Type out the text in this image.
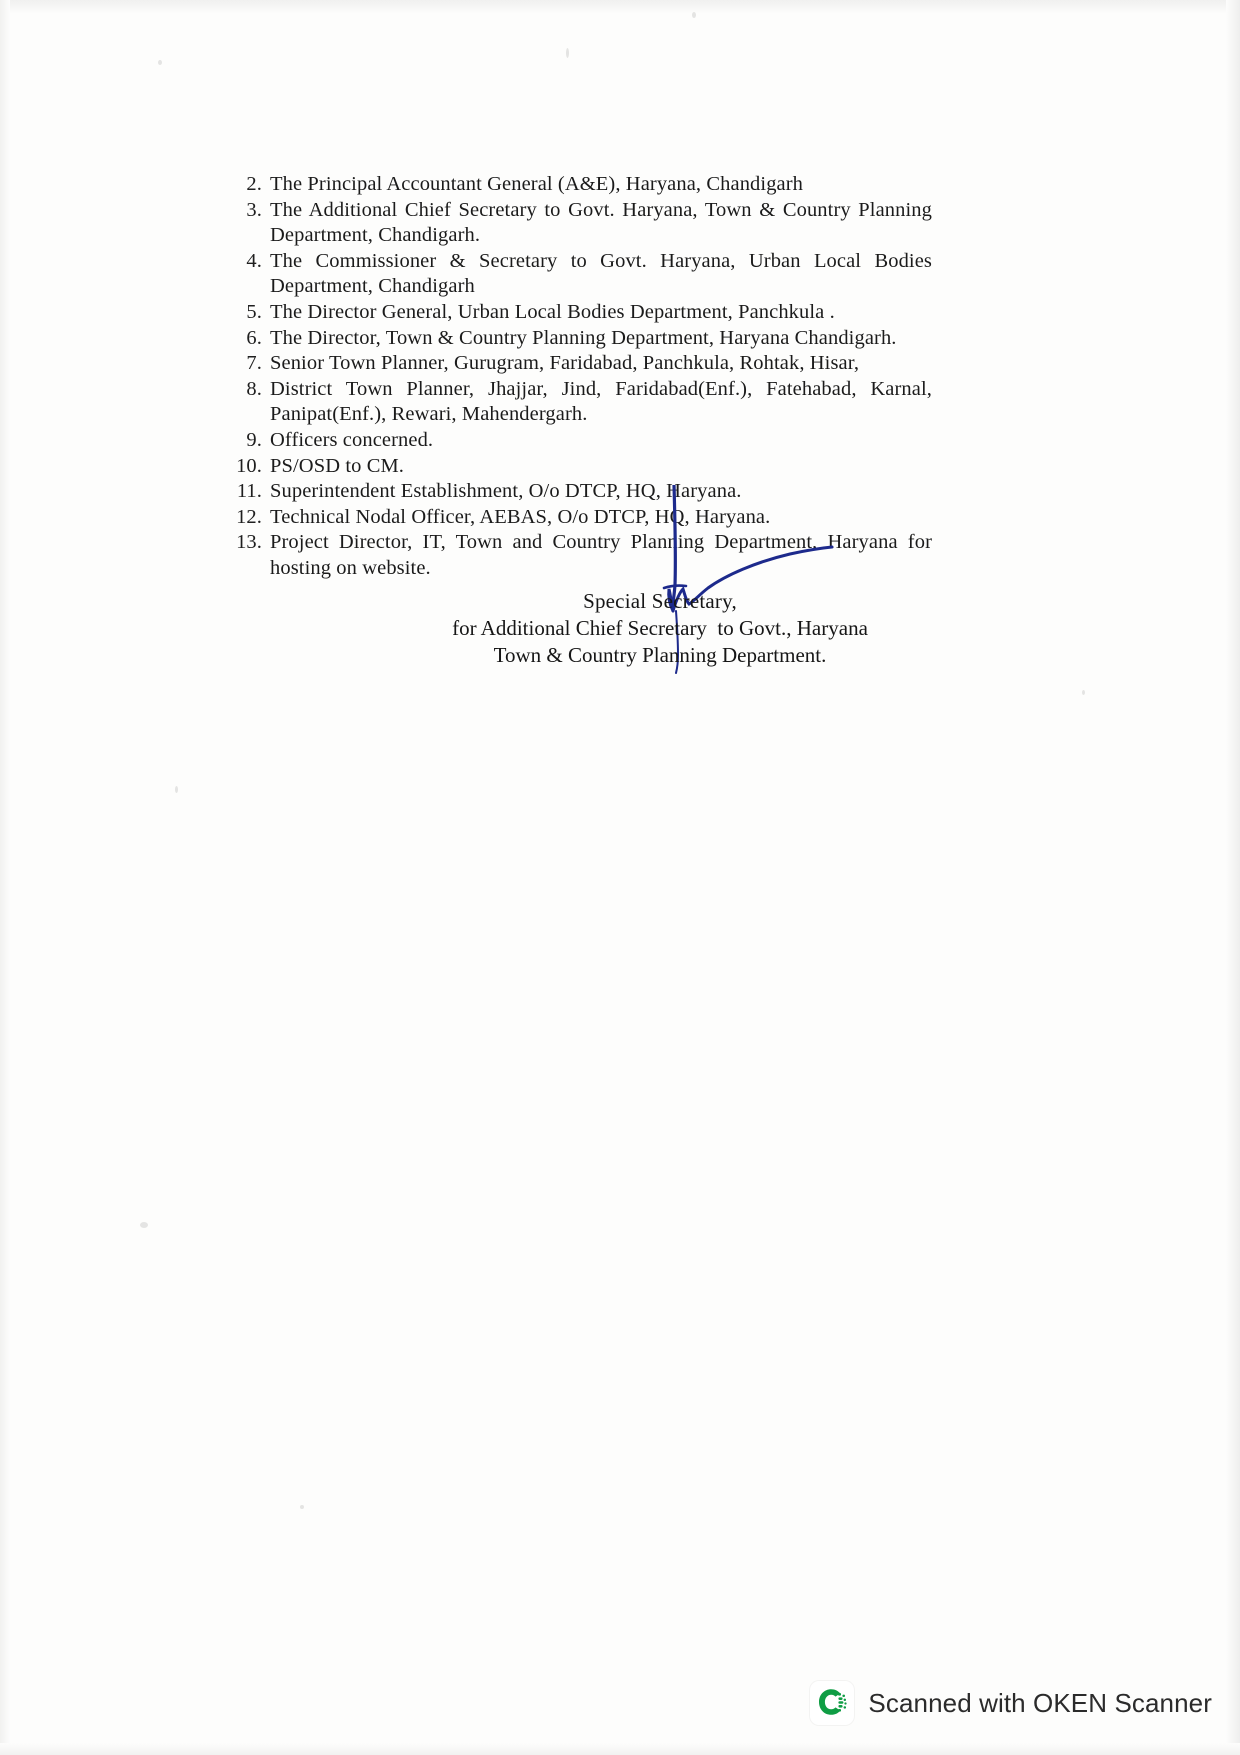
2. The Principal Accountant General (A&E), Haryana, Chandigarh
3. The Additional Chief Secretary to Govt. Haryana, Town & Country Planning Department, Chandigarh.
4. The Commissioner & Secretary to Govt. Haryana, Urban Local Bodies Department, Chandigarh
5. The Director General, Urban Local Bodies Department, Panchkula .
6. The Director, Town & Country Planning Department, Haryana Chandigarh.
7. Senior Town Planner, Gurugram, Faridabad, Panchkula, Rohtak, Hisar,
8. District Town Planner, Jhajjar, Jind, Faridabad(Enf.), Fatehabad, Karnal, Panipat(Enf.), Rewari, Mahendergarh.
9. Officers concerned.
10. PS/OSD to CM.
11. Superintendent Establishment, O/o DTCP, HQ, Haryana.
12. Technical Nodal Officer, AEBAS, O/o DTCP, HQ, Haryana.
13. Project Director, IT, Town and Country Planning Department, Haryana for hosting on website.
Special Secretary,
for Additional Chief Secretary  to Govt., Haryana
Town & Country Planning Department.
Scanned with OKEN Scanner
